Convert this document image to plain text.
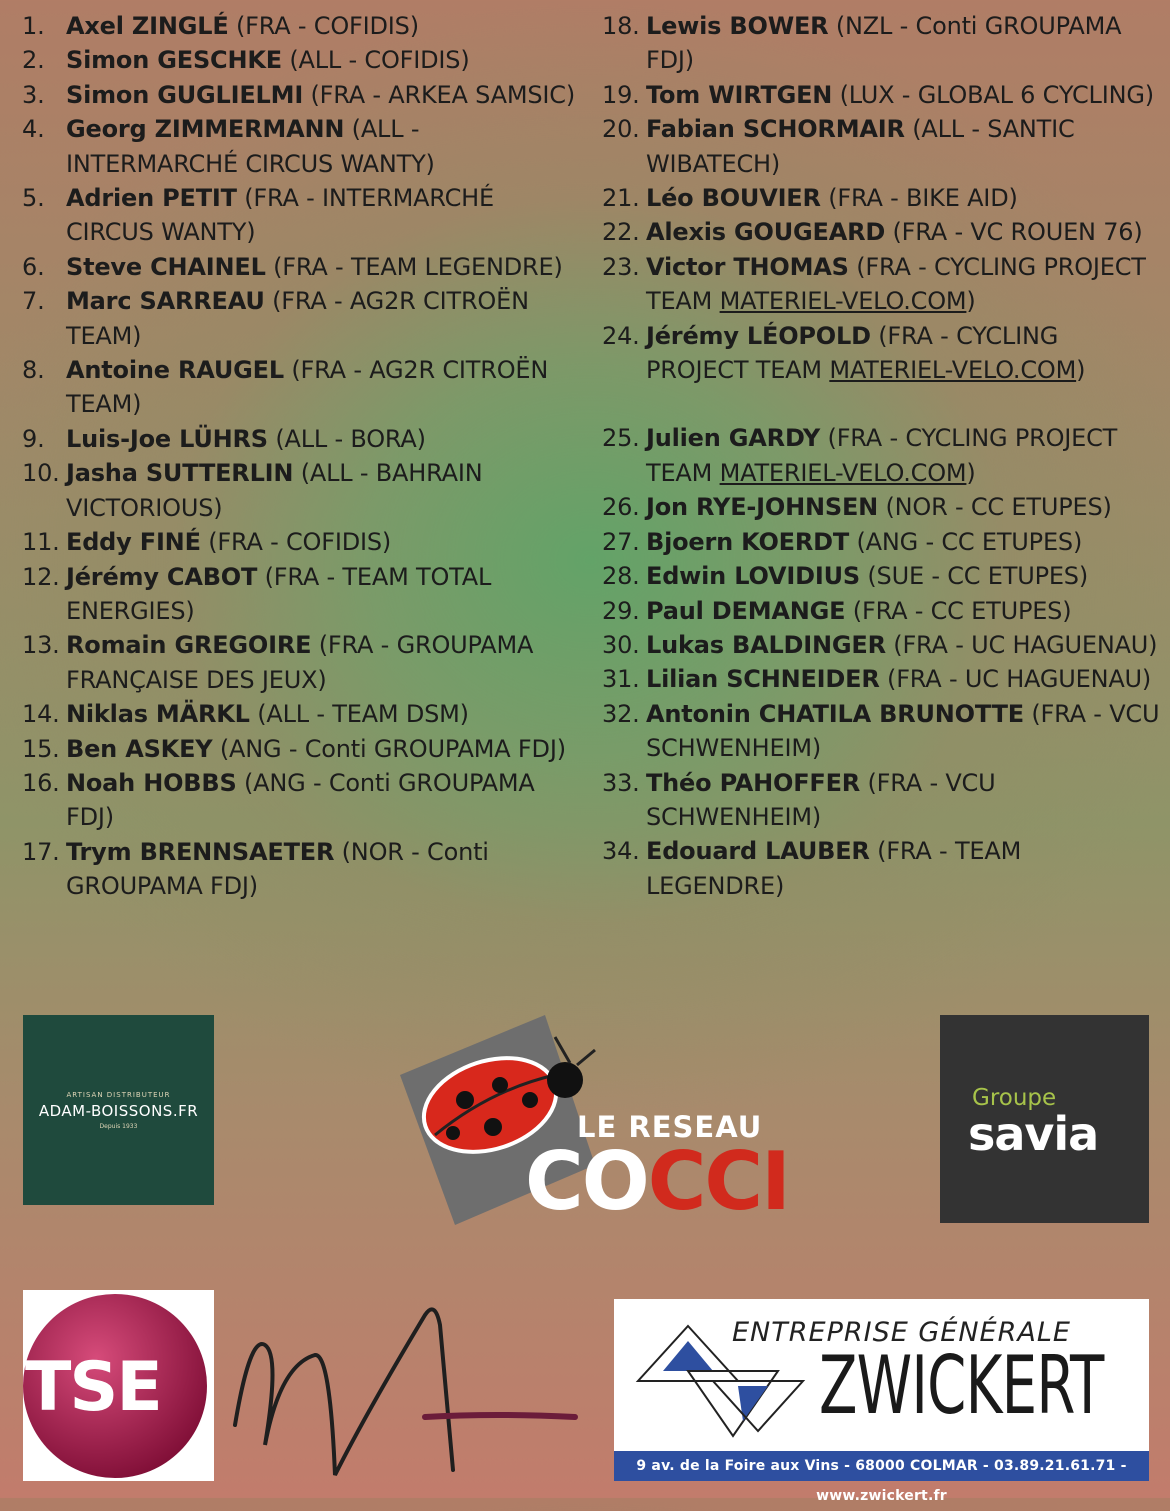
1. Axel ZINGLÉ (FRA - COFIDIS)
2. Simon GESCHKE (ALL - COFIDIS)
3. Simon GUGLIELMI (FRA - ARKEA SAMSIC)
4. Georg ZIMMERMANN (ALL - INTERMARCHÉ CIRCUS WANTY)
5. Adrien PETIT (FRA - INTERMARCHÉ CIRCUS WANTY)
6. Steve CHAINEL (FRA - TEAM LEGENDRE)
7. Marc SARREAU (FRA - AG2R CITROËN TEAM)
8. Antoine RAUGEL (FRA - AG2R CITROËN TEAM)
9. Luis-Joe LÜHRS (ALL - BORA)
10. Jasha SUTTERLIN (ALL - BAHRAIN VICTORIOUS)
11. Eddy FINÉ (FRA - COFIDIS)
12. Jérémy CABOT (FRA - TEAM TOTAL ENERGIES)
13. Romain GREGOIRE (FRA - GROUPAMA FRANÇAISE DES JEUX)
14. Niklas MÄRKL (ALL - TEAM DSM)
15. Ben ASKEY (ANG - Conti GROUPAMA FDJ)
16. Noah HOBBS (ANG - Conti GROUPAMA FDJ)
17. Trym BRENNSAETER (NOR - Conti GROUPAMA FDJ)
18. Lewis BOWER (NZL - Conti GROUPAMA FDJ)
19. Tom WIRTGEN (LUX - GLOBAL 6 CYCLING)
20. Fabian SCHORMAIR (ALL - SANTIC WIBATECH)
21. Léo BOUVIER (FRA - BIKE AID)
22. Alexis GOUGEARD (FRA - VC ROUEN 76)
23. Victor THOMAS (FRA - CYCLING PROJECT TEAM MATERIEL-VELO.COM)
24. Jérémy LÉOPOLD (FRA - CYCLING PROJECT TEAM MATERIEL-VELO.COM)
25. Julien GARDY (FRA - CYCLING PROJECT TEAM MATERIEL-VELO.COM)
26. Jon RYE-JOHNSEN (NOR - CC ETUPES)
27. Bjoern KOERDT (ANG - CC ETUPES)
28. Edwin LOVIDIUS (SUE - CC ETUPES)
29. Paul DEMANGE (FRA - CC ETUPES)
30. Lukas BALDINGER (FRA - UC HAGUENAU)
31. Lilian SCHNEIDER (FRA - UC HAGUENAU)
32. Antonin CHATILA BRUNOTTE (FRA - VCU SCHWENHEIM)
33. Théo PAHOFFER (FRA - VCU SCHWENHEIM)
34. Edouard LAUBER (FRA - TEAM LEGENDRE)
ARTISAN DISTRIBUTEUR
ADAM-BOISSONS.FR
Depuis 1933	LE RESEAU
COCCI
Groupe
savia
TSE
ENTREPRISE GÉNÉRALE
ZWICKERT
9 av. de la Foire aux Vins - 68000 COLMAR - 03.89.21.61.71 - www.zwickert.fr
